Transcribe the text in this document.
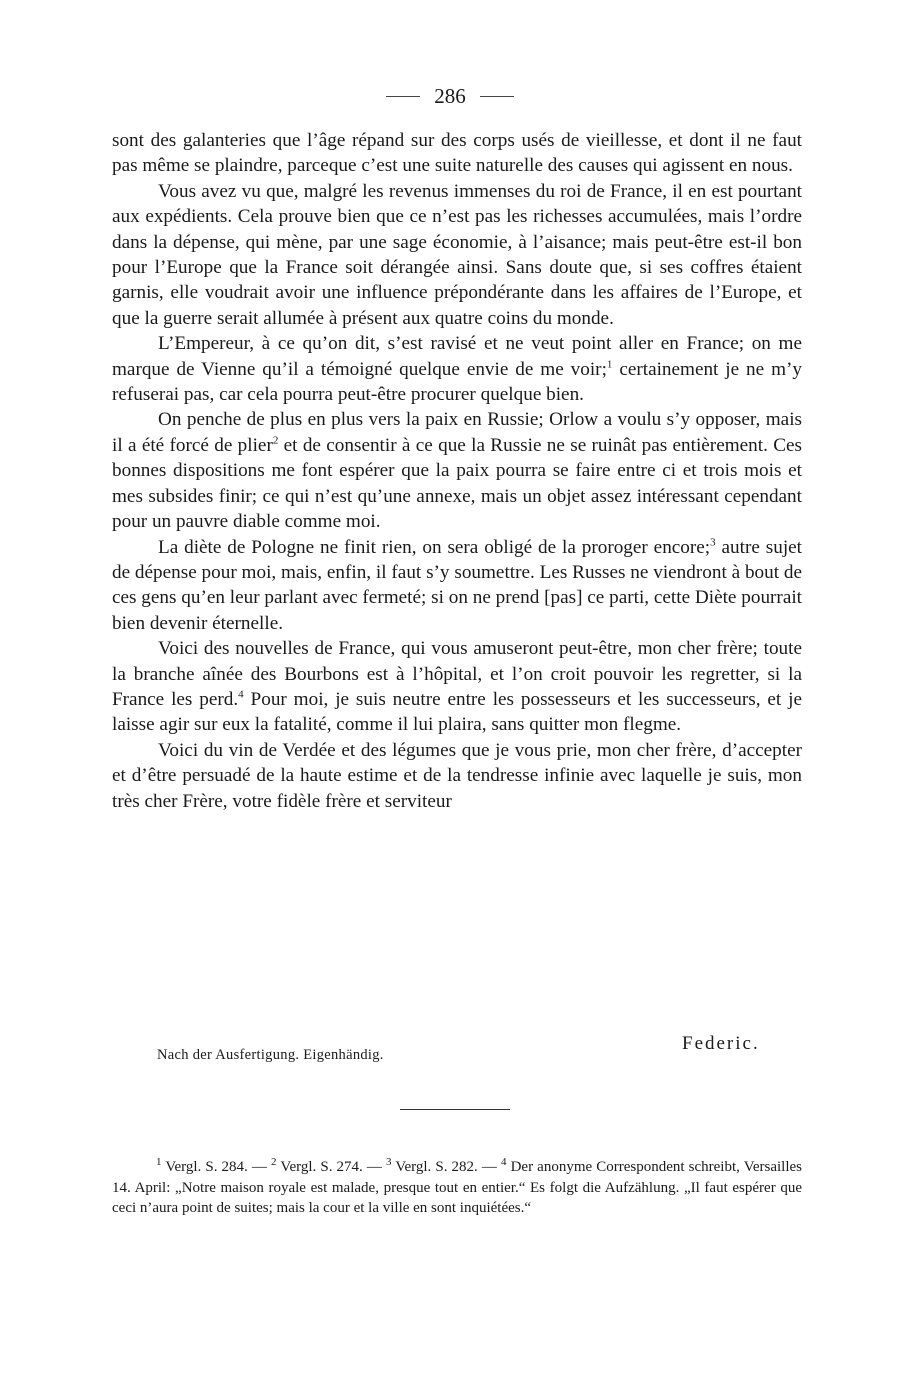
286

sont des galanteries que l’âge répand sur des corps usés de vieillesse, et dont il ne faut pas même se plaindre, parceque c’est une suite naturelle des causes qui agissent en nous.

Vous avez vu que, malgré les revenus immenses du roi de France, il en est pourtant aux expédients. Cela prouve bien que ce n’est pas les richesses accumulées, mais l’ordre dans la dépense, qui mène, par une sage économie, à l’aisance; mais peut-être est-il bon pour l’Europe que la France soit dérangée ainsi. Sans doute que, si ses coffres étaient garnis, elle voudrait avoir une influence prépondérante dans les affaires de l’Europe, et que la guerre serait allumée à présent aux quatre coins du monde.

L’Empereur, à ce qu’on dit, s’est ravisé et ne veut point aller en France; on me marque de Vienne qu’il a témoigné quelque envie de me voir;$^1$ certainement je ne m’y refuserai pas, car cela pourra peut-être procurer quelque bien.

On penche de plus en plus vers la paix en Russie; Orlow a voulu s’y opposer, mais il a été forcé de plier$^2$ et de consentir à ce que la Russie ne se ruinât pas entièrement. Ces bonnes dispositions me font espérer que la paix pourra se faire entre ci et trois mois et mes subsides finir; ce qui n’est qu’une annexe, mais un objet assez intéressant cependant pour un pauvre diable comme moi.

La diète de Pologne ne finit rien, on sera obligé de la proroger encore;$^3$ autre sujet de dépense pour moi, mais, enfin, il faut s’y soumettre. Les Russes ne viendront à bout de ces gens qu’en leur parlant avec fermeté; si on ne prend [pas] ce parti, cette Diète pourrait bien devenir éternelle.

Voici des nouvelles de France, qui vous amuseront peut-être, mon cher frère; toute la branche aînée des Bourbons est à l’hôpital, et l’on croit pouvoir les regretter, si la France les perd.$^4$ Pour moi, je suis neutre entre les possesseurs et les successeurs, et je laisse agir sur eux la fatalité, comme il lui plaira, sans quitter mon flegme.

Voici du vin de Verdée et des légumes que je vous prie, mon cher frère, d’accepter et d’être persuadé de la haute estime et de la tendresse infinie avec laquelle je suis, mon très cher Frère, votre fidèle frère et serviteur

Federic.
Nach der Ausfertigung. Eigenhändig.

$^1$ Vergl. S. 284. — $^2$ Vergl. S. 274. — $^3$ Vergl. S. 282. — $^4$ Der anonyme Correspondent schreibt, Versailles 14. April: „Notre maison royale est malade, presque tout en entier.“ Es folgt die Aufzählung. „Il faut espérer que ceci n’aura point de suites; mais la cour et la ville en sont inquiétées.“
